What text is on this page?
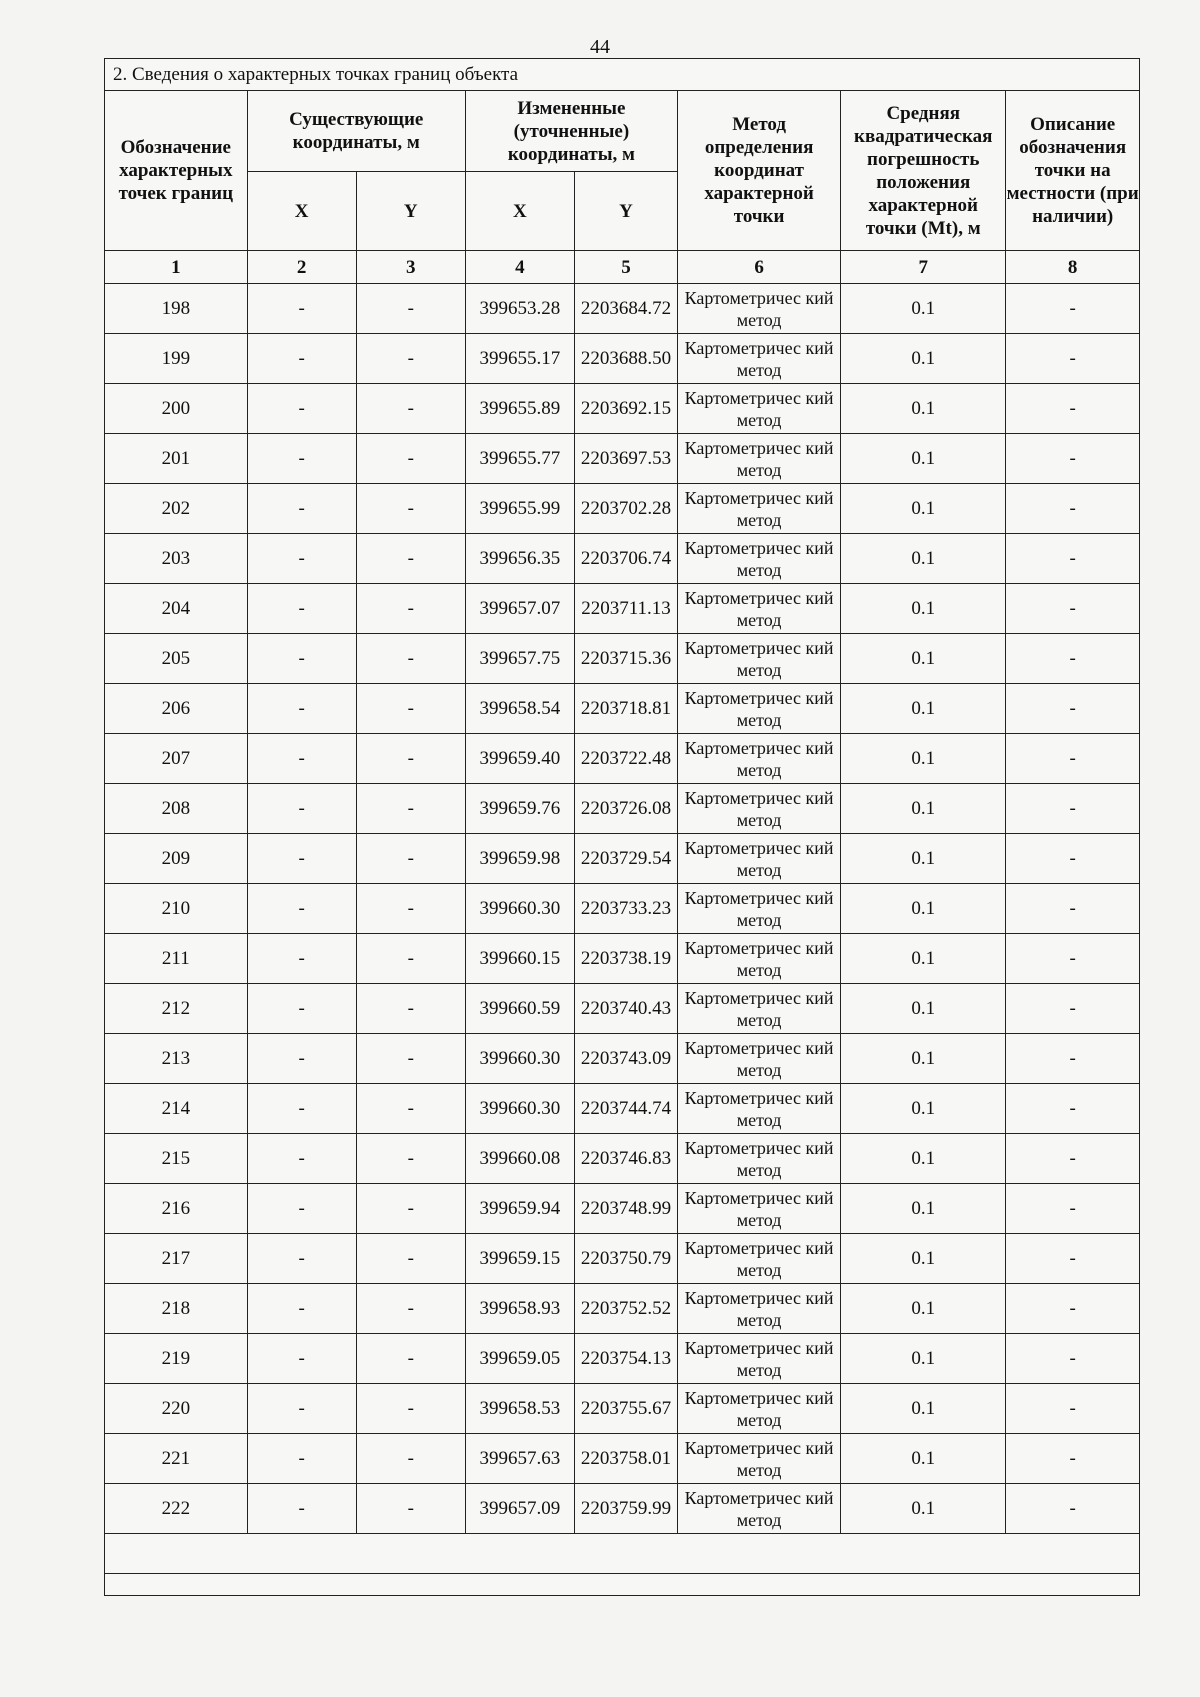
44
2. Сведения о характерных точках границ объекта
Обозначение характерных точек границ	Существующие координаты, м		Измененные (уточненные) координаты, м		Метод определения координат характерной точки	Средняя квадратическая погрешность положения характерной точки (Mt), м	Описание обозначения точки на местности (при наличии)
	X	Y	X	Y			
1	2	3	4	5	6	7	8
198	-	-	399653.28	2203684.72	Картометричес кий метод	0.1	-
199	-	-	399655.17	2203688.50	Картометричес кий метод	0.1	-
200	-	-	399655.89	2203692.15	Картометричес кий метод	0.1	-
201	-	-	399655.77	2203697.53	Картометричес кий метод	0.1	-
202	-	-	399655.99	2203702.28	Картометричес кий метод	0.1	-
203	-	-	399656.35	2203706.74	Картометричес кий метод	0.1	-
204	-	-	399657.07	2203711.13	Картометричес кий метод	0.1	-
205	-	-	399657.75	2203715.36	Картометричес кий метод	0.1	-
206	-	-	399658.54	2203718.81	Картометричес кий метод	0.1	-
207	-	-	399659.40	2203722.48	Картометричес кий метод	0.1	-
208	-	-	399659.76	2203726.08	Картометричес кий метод	0.1	-
209	-	-	399659.98	2203729.54	Картометричес кий метод	0.1	-
210	-	-	399660.30	2203733.23	Картометричес кий метод	0.1	-
211	-	-	399660.15	2203738.19	Картометричес кий метод	0.1	-
212	-	-	399660.59	2203740.43	Картометричес кий метод	0.1	-
213	-	-	399660.30	2203743.09	Картометричес кий метод	0.1	-
214	-	-	399660.30	2203744.74	Картометричес кий метод	0.1	-
215	-	-	399660.08	2203746.83	Картометричес кий метод	0.1	-
216	-	-	399659.94	2203748.99	Картометричес кий метод	0.1	-
217	-	-	399659.15	2203750.79	Картометричес кий метод	0.1	-
218	-	-	399658.93	2203752.52	Картометричес кий метод	0.1	-
219	-	-	399659.05	2203754.13	Картометричес кий метод	0.1	-
220	-	-	399658.53	2203755.67	Картометричес кий метод	0.1	-
221	-	-	399657.63	2203758.01	Картометричес кий метод	0.1	-
222	-	-	399657.09	2203759.99	Картометричес кий метод	0.1	-
